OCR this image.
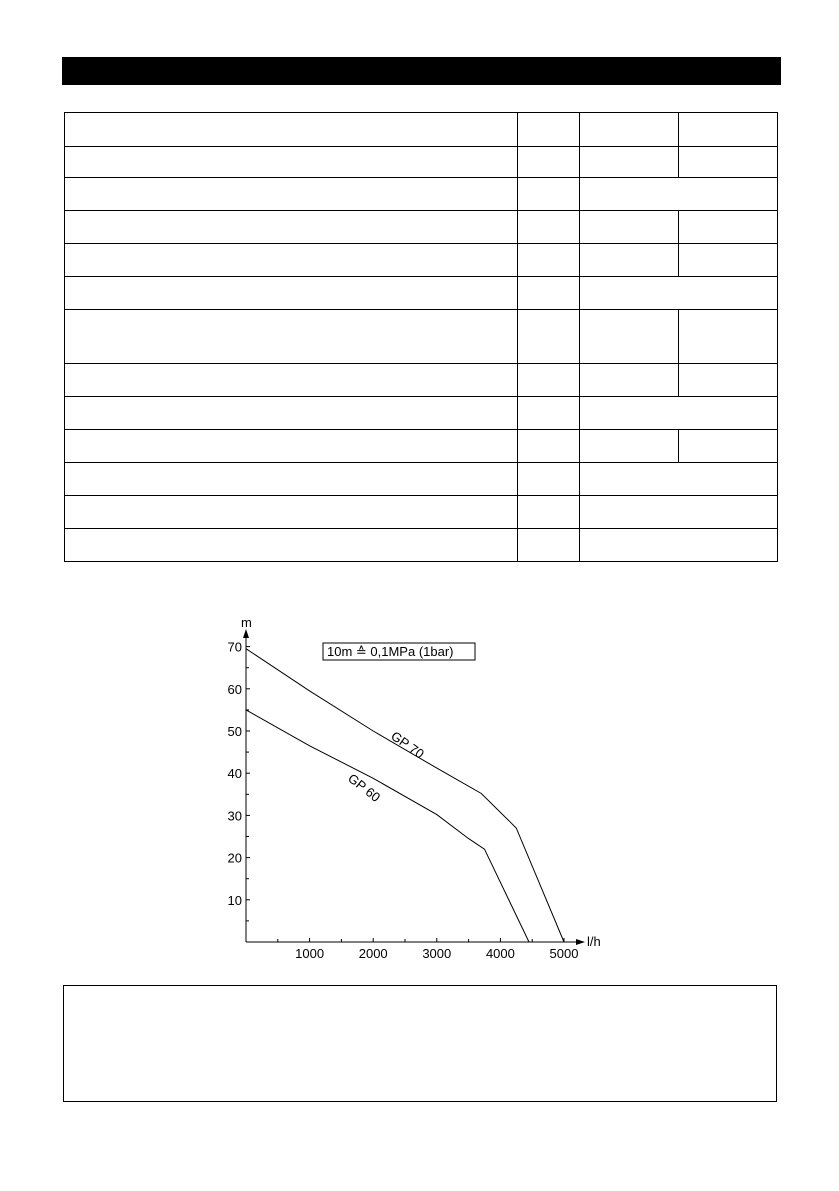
m
l/h
10
20
30
40
50
60
70
1000	2000	3000	4000	5000
GP 70
GP 60
10m ≙ 0,1MPa (1bar)
